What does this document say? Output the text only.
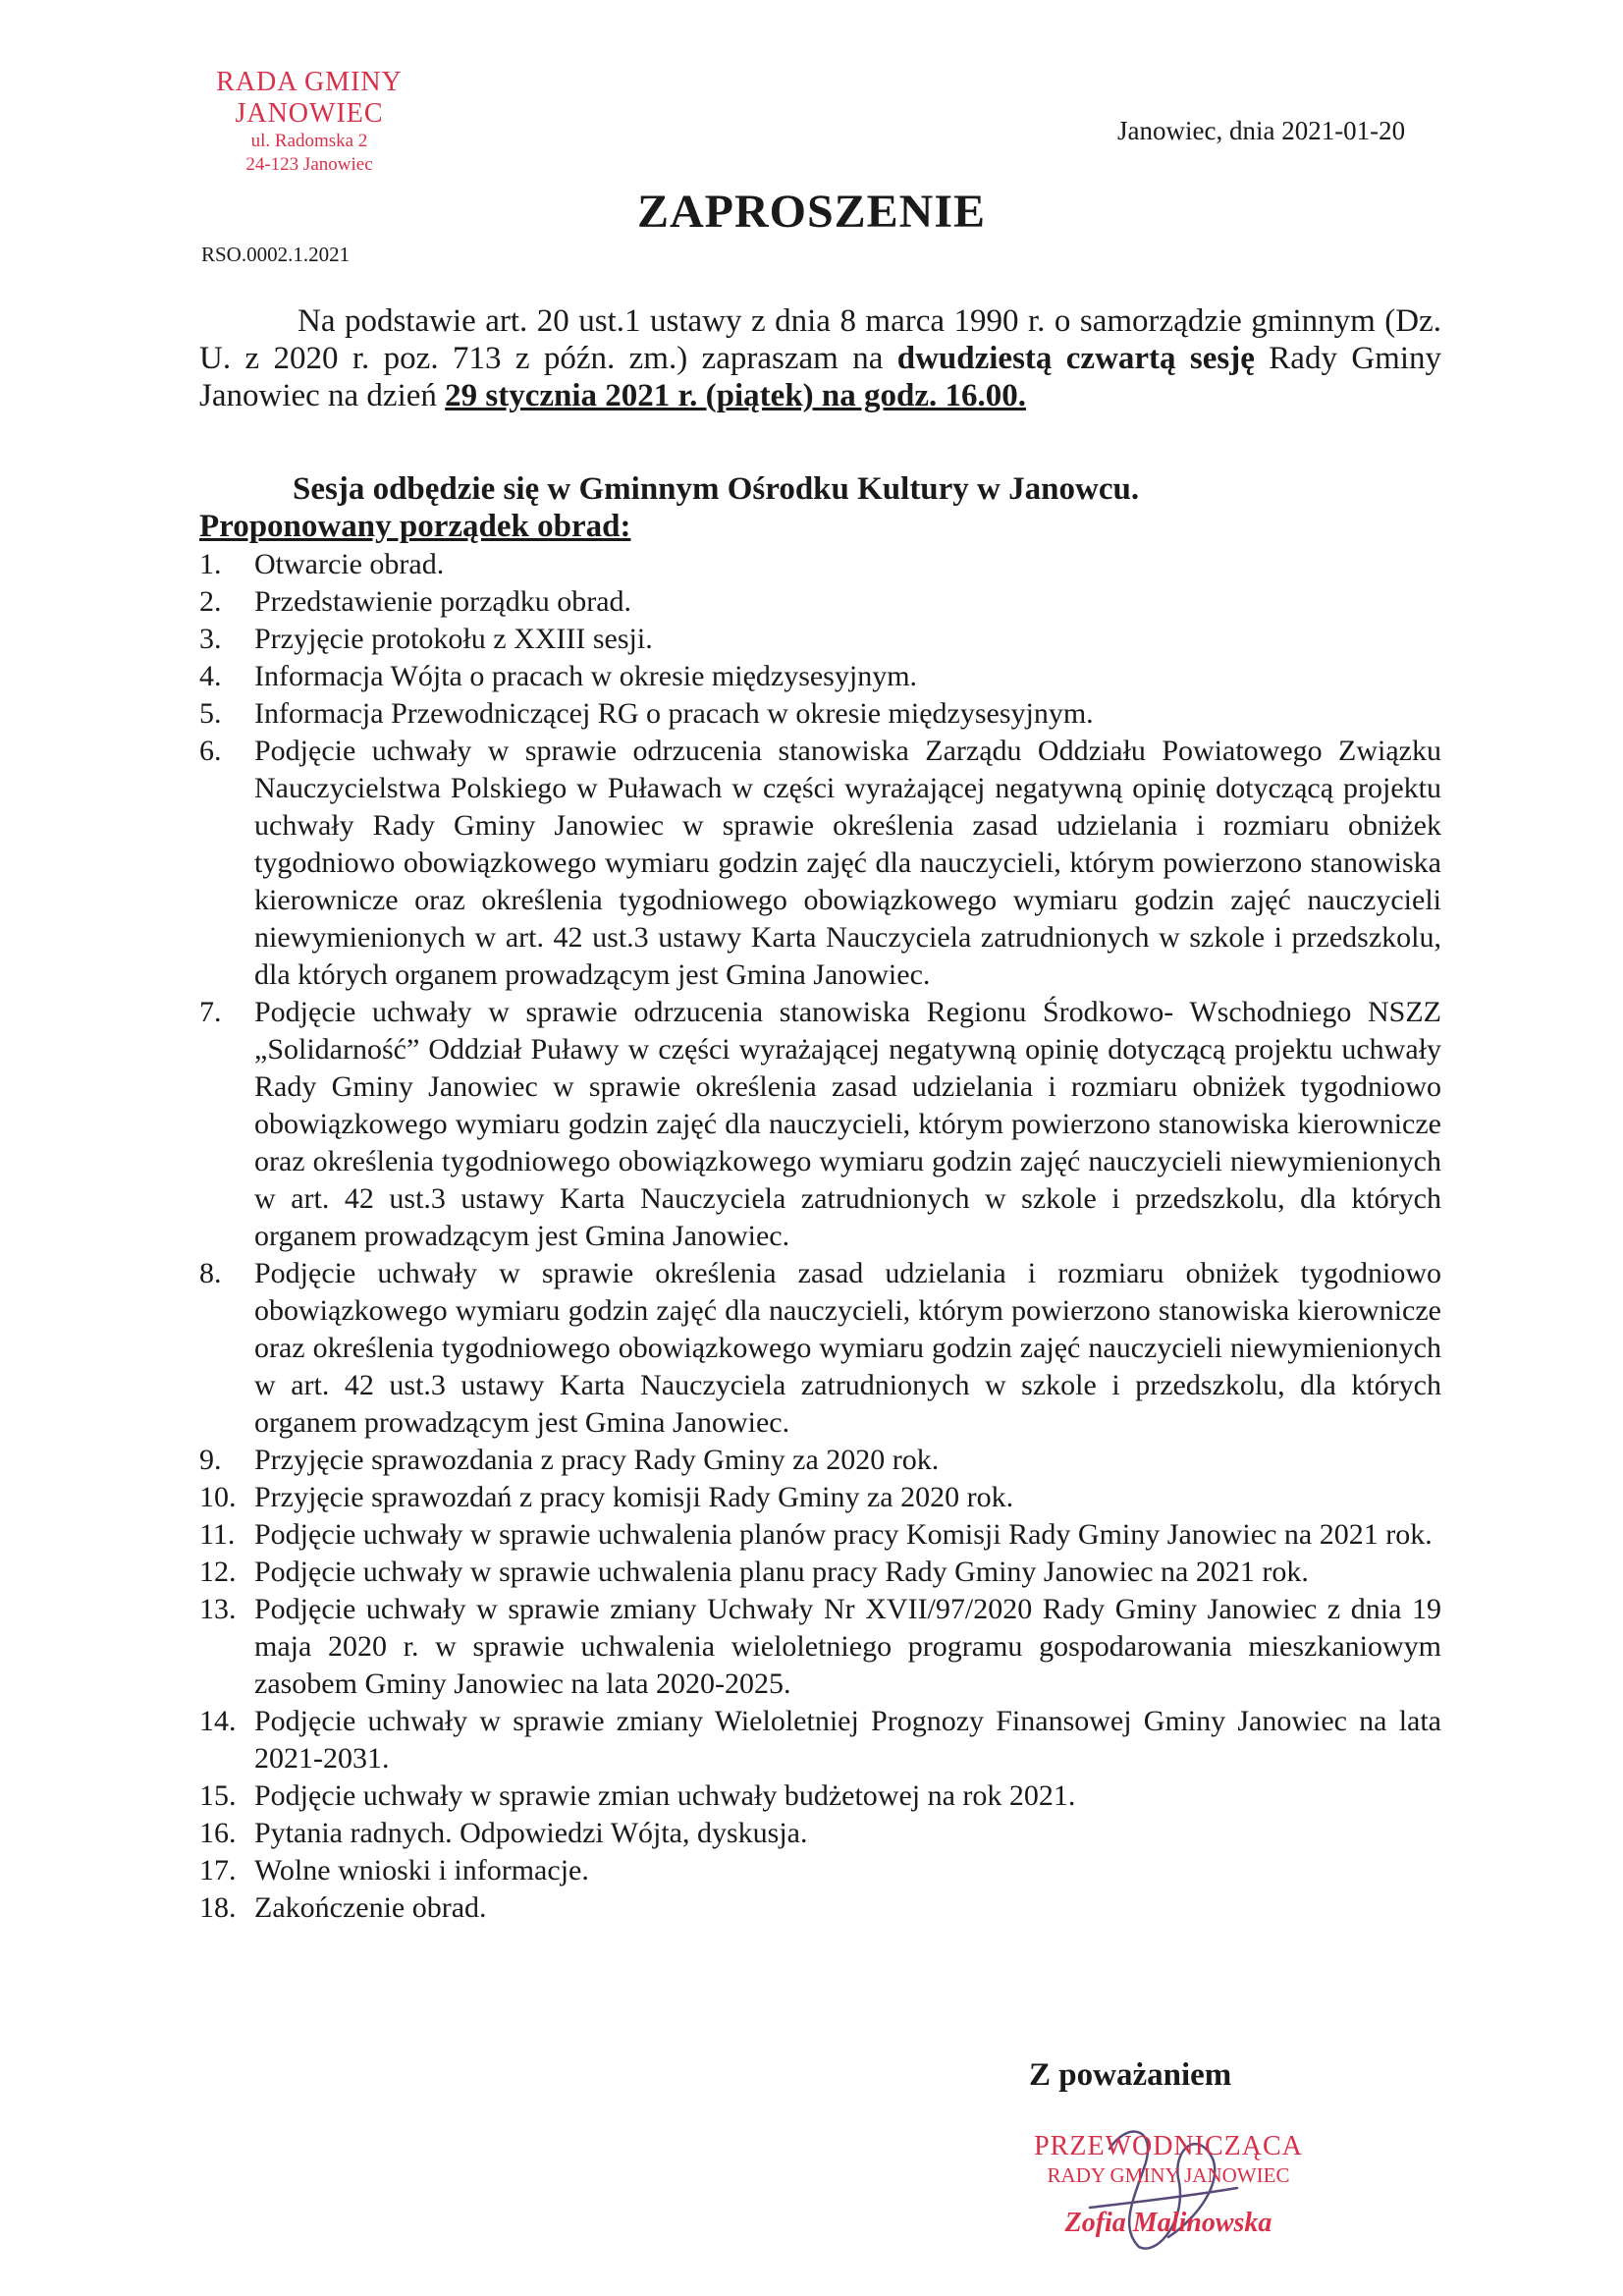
RADA GMINY
JANOWIEC
ul. Radomska 2
24-123 Janowiec
Janowiec, dnia 2021-01-20
ZAPROSZENIE
RSO.0002.1.2021
Na podstawie art. 20 ust.1 ustawy z dnia 8 marca 1990 r. o samorządzie gminnym (Dz. U. z 2020 r. poz. 713 z późn. zm.) zapraszam na dwudziestą czwartą sesję Rady Gminy Janowiec na dzień 29 stycznia 2021 r. (piątek) na godz. 16.00.
Sesja odbędzie się w Gminnym Ośrodku Kultury w Janowcu.
Proponowany porządek obrad:
1.	Otwarcie obrad.
2.	Przedstawienie porządku obrad.
3.	Przyjęcie protokołu z XXIII sesji.
4.	Informacja Wójta o pracach w okresie międzysesyjnym.
5.	Informacja Przewodniczącej RG o pracach w okresie międzysesyjnym.
6.	Podjęcie uchwały w sprawie odrzucenia stanowiska Zarządu Oddziału Powiatowego Związku Nauczycielstwa Polskiego w Puławach w części wyrażającej negatywną opinię dotyczącą projektu uchwały Rady Gminy Janowiec w sprawie określenia zasad udzielania i rozmiaru obniżek tygodniowo obowiązkowego wymiaru godzin zajęć dla nauczycieli, którym powierzono stanowiska kierownicze oraz określenia tygodniowego obowiązkowego wymiaru godzin zajęć nauczycieli niewymienionych w art. 42 ust.3 ustawy Karta Nauczyciela zatrudnionych w szkole i przedszkolu, dla których organem prowadzącym jest Gmina Janowiec.
7.	Podjęcie uchwały w sprawie odrzucenia stanowiska Regionu Środkowo- Wschodniego NSZZ „Solidarność” Oddział Puławy w części wyrażającej negatywną opinię dotyczącą projektu uchwały Rady Gminy Janowiec w sprawie określenia zasad udzielania i rozmiaru obniżek tygodniowo obowiązkowego wymiaru godzin zajęć dla nauczycieli, którym powierzono stanowiska kierownicze oraz określenia tygodniowego obowiązkowego wymiaru godzin zajęć nauczycieli niewymienionych w art. 42 ust.3 ustawy Karta Nauczyciela zatrudnionych w szkole i przedszkolu, dla których organem prowadzącym jest Gmina Janowiec.
8.	Podjęcie uchwały w sprawie określenia zasad udzielania i rozmiaru obniżek tygodniowo obowiązkowego wymiaru godzin zajęć dla nauczycieli, którym powierzono stanowiska kierownicze oraz określenia tygodniowego obowiązkowego wymiaru godzin zajęć nauczycieli niewymienionych w art. 42 ust.3 ustawy Karta Nauczyciela zatrudnionych w szkole i przedszkolu, dla których organem prowadzącym jest Gmina Janowiec.
9.	Przyjęcie sprawozdania z pracy Rady Gminy za 2020 rok.
10. Przyjęcie sprawozdań z pracy komisji Rady Gminy za 2020 rok.
11. Podjęcie uchwały w sprawie uchwalenia planów pracy Komisji Rady Gminy Janowiec na 2021 rok.
12. Podjęcie uchwały w sprawie uchwalenia planu pracy Rady Gminy Janowiec na 2021 rok.
13. Podjęcie uchwały w sprawie zmiany Uchwały Nr XVII/97/2020 Rady Gminy Janowiec z dnia 19 maja 2020 r. w sprawie uchwalenia wieloletniego programu gospodarowania mieszkaniowym zasobem Gminy Janowiec na lata 2020-2025.
14. Podjęcie uchwały w sprawie zmiany Wieloletniej Prognozy Finansowej Gminy Janowiec na lata 2021-2031.
15. Podjęcie uchwały w sprawie zmian uchwały budżetowej na rok 2021.
16. Pytania radnych. Odpowiedzi Wójta, dyskusja.
17. Wolne wnioski i informacje.
18. Zakończenie obrad.
Z poważaniem
PRZEWODNICZĄCA
RADY GMINY JANOWIEC
Zofia Malinowska
